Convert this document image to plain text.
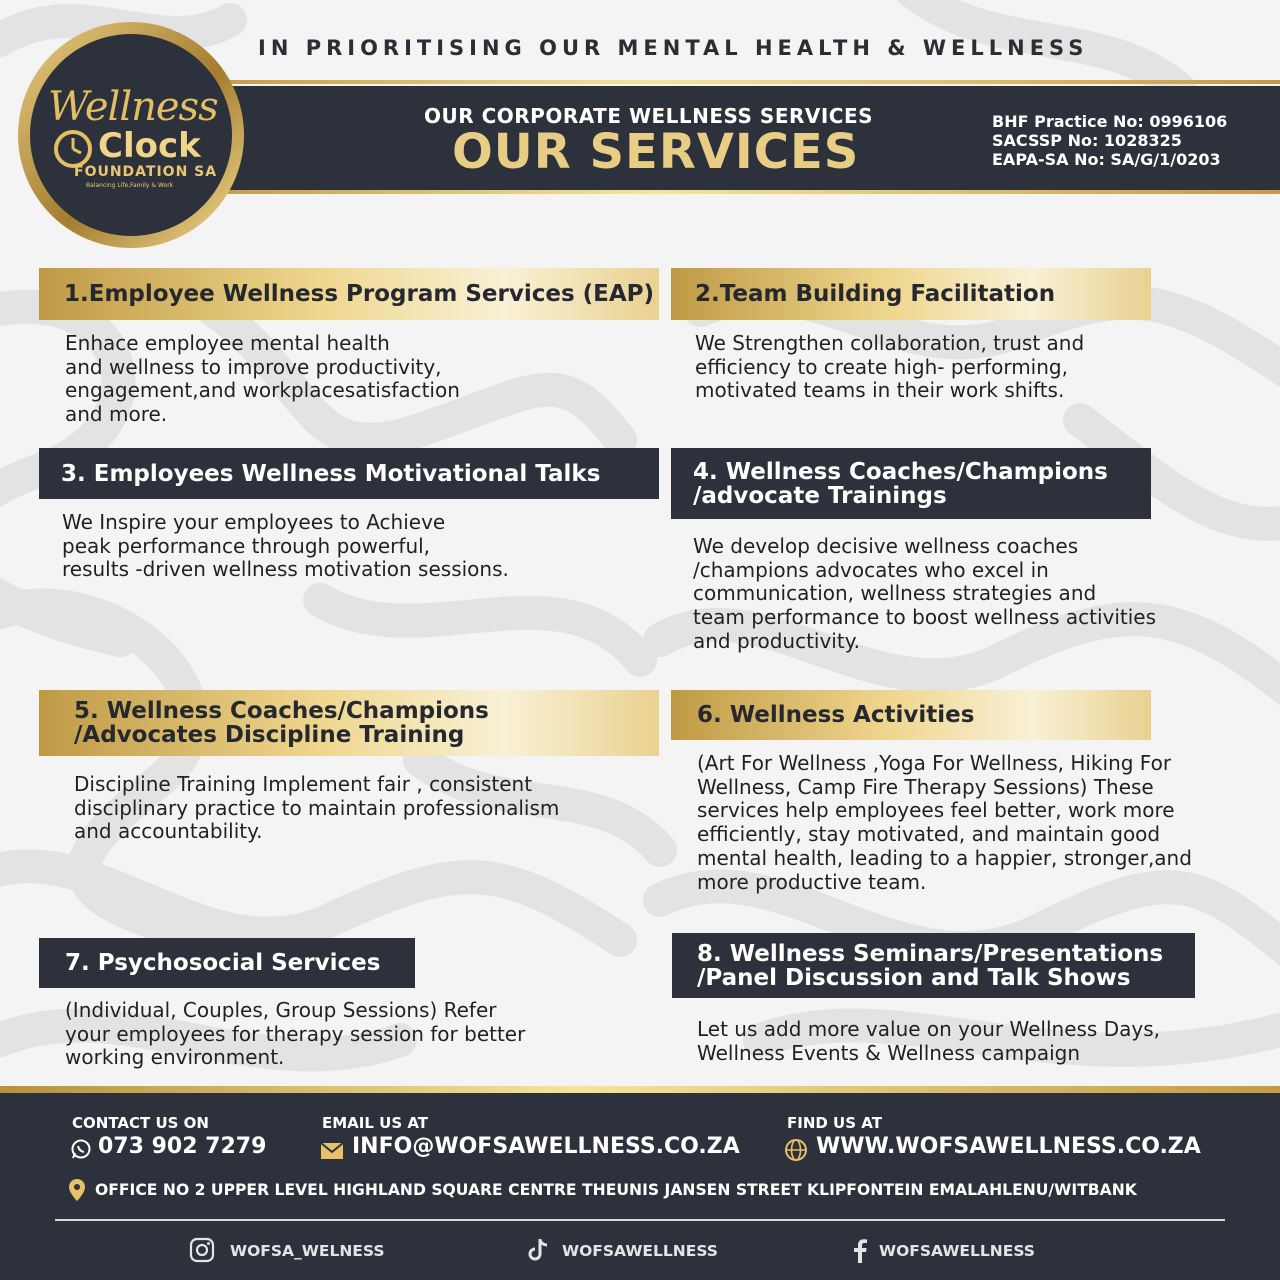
IN PRIORITISING OUR MENTAL HEALTH & WELLNESS
OUR CORPORATE WELLNESS SERVICES
OUR SERVICES
BHF Practice No: 0996106
SACSSP No: 1028325
EAPA-SA No: SA/G/1/0203
Wellness
Clock
FOUNDATION SA
Balancing Life,Family & Work
1.Employee Wellness Program Services (EAP)
Enhace employee mental health
and wellness to improve productivity,
engagement,and workplacesatisfaction
and more.
2.Team Building Facilitation
We Strengthen collaboration, trust and
efficiency to create high- performing,
motivated teams in their work shifts.
3. Employees Wellness Motivational Talks
We Inspire your employees to Achieve
peak performance through powerful,
results -driven wellness motivation sessions.
4. Wellness Coaches/Champions
/advocate Trainings
We develop decisive wellness coaches
/champions advocates who excel in
communication, wellness strategies and
team performance to boost wellness activities
and productivity.
5. Wellness Coaches/Champions
/Advocates Discipline Training
Discipline Training Implement fair , consistent
disciplinary practice to maintain professionalism
and accountability.
6. Wellness Activities
(Art For Wellness ,Yoga For Wellness, Hiking For
Wellness, Camp Fire Therapy Sessions) These
services help employees feel better, work more
efficiently, stay motivated, and maintain good
mental health, leading to a happier, stronger,and
more productive team.
7. Psychosocial Services
(Individual, Couples, Group Sessions) Refer
your employees for therapy session for better
working environment.
8. Wellness Seminars/Presentations
/Panel Discussion and Talk Shows
Let us add more value on your Wellness Days,
Wellness Events & Wellness campaign
CONTACT US ON
073 902 7279
EMAIL US AT
INFO@WOFSAWELLNESS.CO.ZA
FIND US AT
WWW.WOFSAWELLNESS.CO.ZA
OFFICE NO 2 UPPER LEVEL HIGHLAND SQUARE CENTRE THEUNIS JANSEN STREET KLIPFONTEIN EMALAHLENU/WITBANK
WOFSA_WELNESS	WOFSAWELLNESS	WOFSAWELLNESS
